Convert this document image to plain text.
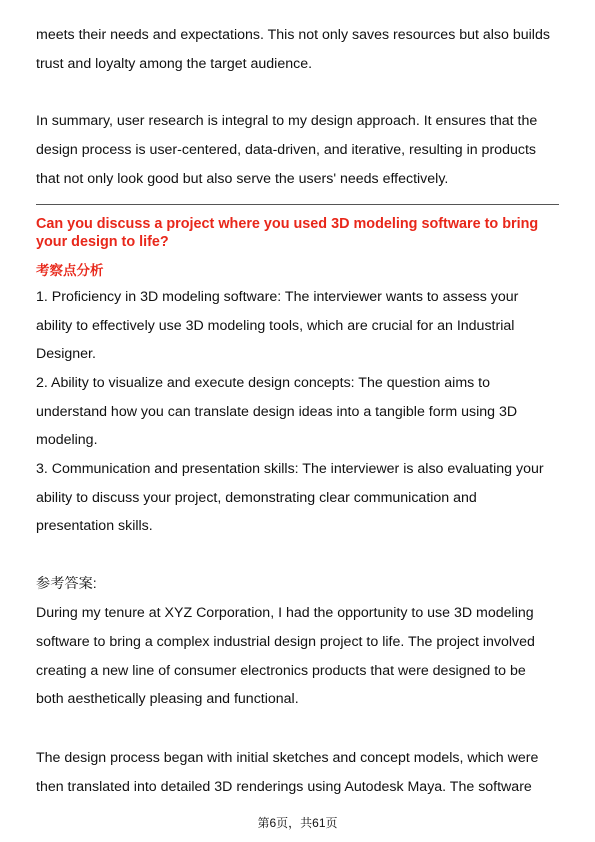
meets their needs and expectations. This not only saves resources but also builds
trust and loyalty among the target audience.
In summary, user research is integral to my design approach. It ensures that the
design process is user-centered, data-driven, and iterative, resulting in products
that not only look good but also serve the users' needs effectively.
Can you discuss a project where you used 3D modeling software to bring
your design to life?
考察点分析
1. Proficiency in 3D modeling software: The interviewer wants to assess your
ability to effectively use 3D modeling tools, which are crucial for an Industrial
Designer.
2. Ability to visualize and execute design concepts: The question aims to
understand how you can translate design ideas into a tangible form using 3D
modeling.
3. Communication and presentation skills: The interviewer is also evaluating your
ability to discuss your project, demonstrating clear communication and
presentation skills.
参考答案:
During my tenure at XYZ Corporation, I had the opportunity to use 3D modeling
software to bring a complex industrial design project to life. The project involved
creating a new line of consumer electronics products that were designed to be
both aesthetically pleasing and functional.
The design process began with initial sketches and concept models, which were
then translated into detailed 3D renderings using Autodesk Maya. The software
第6页，共61页
